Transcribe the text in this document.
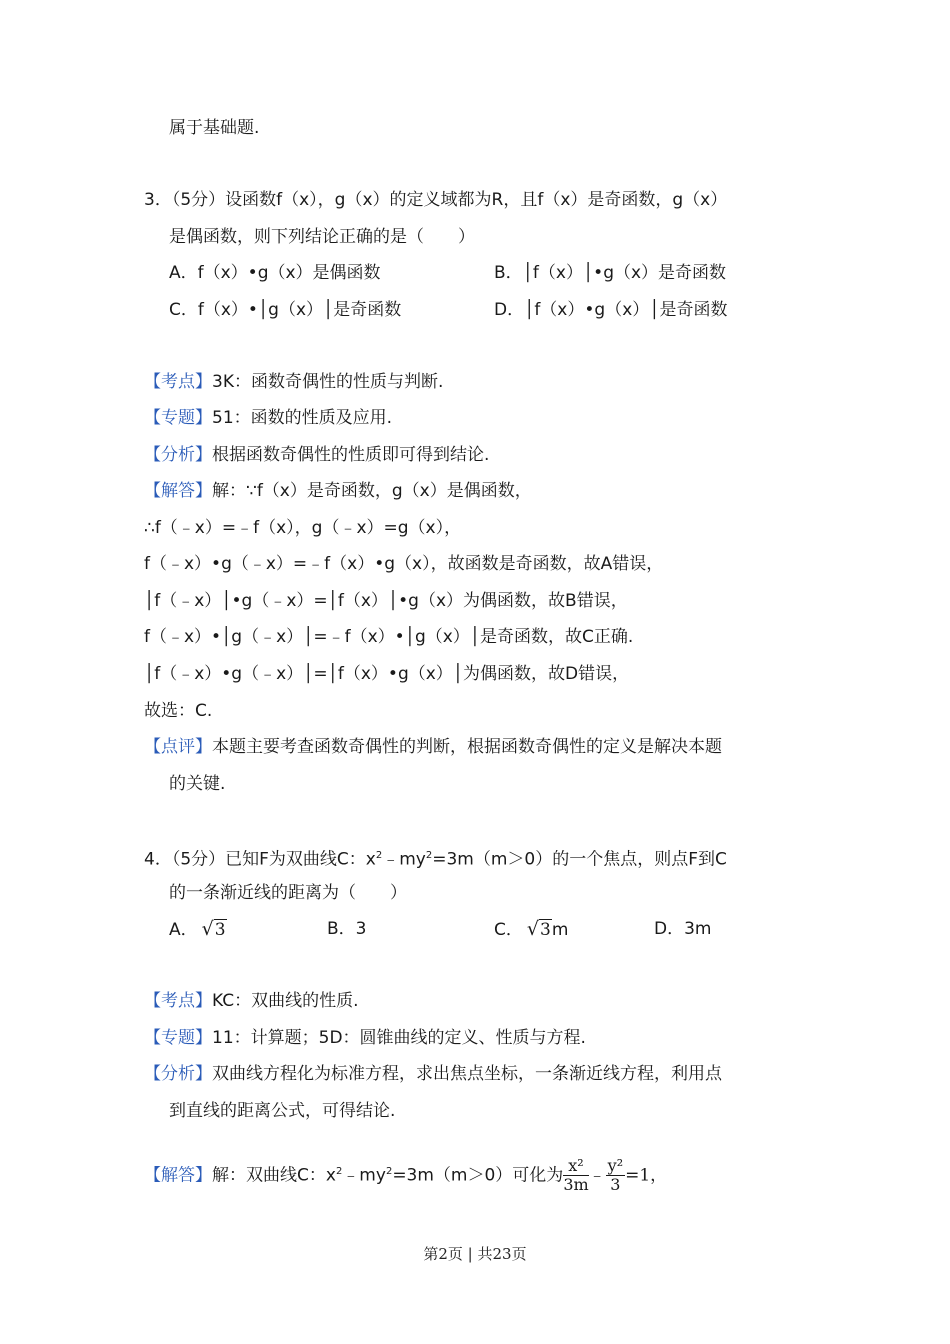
属于基础题.
3．（5分）设函数f（x），g（x）的定义域都为R，且f（x）是奇函数，g（x）
是偶函数，则下列结论正确的是（　　）
A．f（x）•g（x）是偶函数	B．│f（x）│•g（x）是奇函数
C．f（x）•│g（x）│是奇函数	D．│f（x）•g（x）│是奇函数
【考点】3K：函数奇偶性的性质与判断.
【专题】51：函数的性质及应用.
【分析】根据函数奇偶性的性质即可得到结论.
【解答】解：∵f（x）是奇函数，g（x）是偶函数，
∴f（﹣x）=﹣f（x），g（﹣x）=g（x），
f（﹣x）•g（﹣x）=﹣f（x）•g（x），故函数是奇函数，故A错误，
│f（﹣x）│•g（﹣x）=│f（x）│•g（x）为偶函数，故B错误，
f（﹣x）•│g（﹣x）│=﹣f（x）•│g（x）│是奇函数，故C正确.
│f（﹣x）•g（﹣x）│=│f（x）•g（x）│为偶函数，故D错误，
故选：C.
【点评】本题主要考查函数奇偶性的判断，根据函数奇偶性的定义是解决本题
的关键.
4．（5分）已知F为双曲线C：$x^2﹣my^2=3m(m>0)$的一个焦点，则点F到C
的一条渐近线的距离为（　　）
A． √3	B．3	C． √3m	D．3m
【考点】KC：双曲线的性质.
【专题】11：计算题；5D：圆锥曲线的定义、性质与方程.
【分析】双曲线方程化为标准方程，求出焦点坐标，一条渐近线方程，利用点
到直线的距离公式，可得结论.
【解答】解：双曲线C：$x^2﹣my^2=3m(m>0)$可化为 $\frac{\text{x²}}{3m}$ ﹣ $\frac{\text{y²}}{3} =1$，
第2页 | 共23页
